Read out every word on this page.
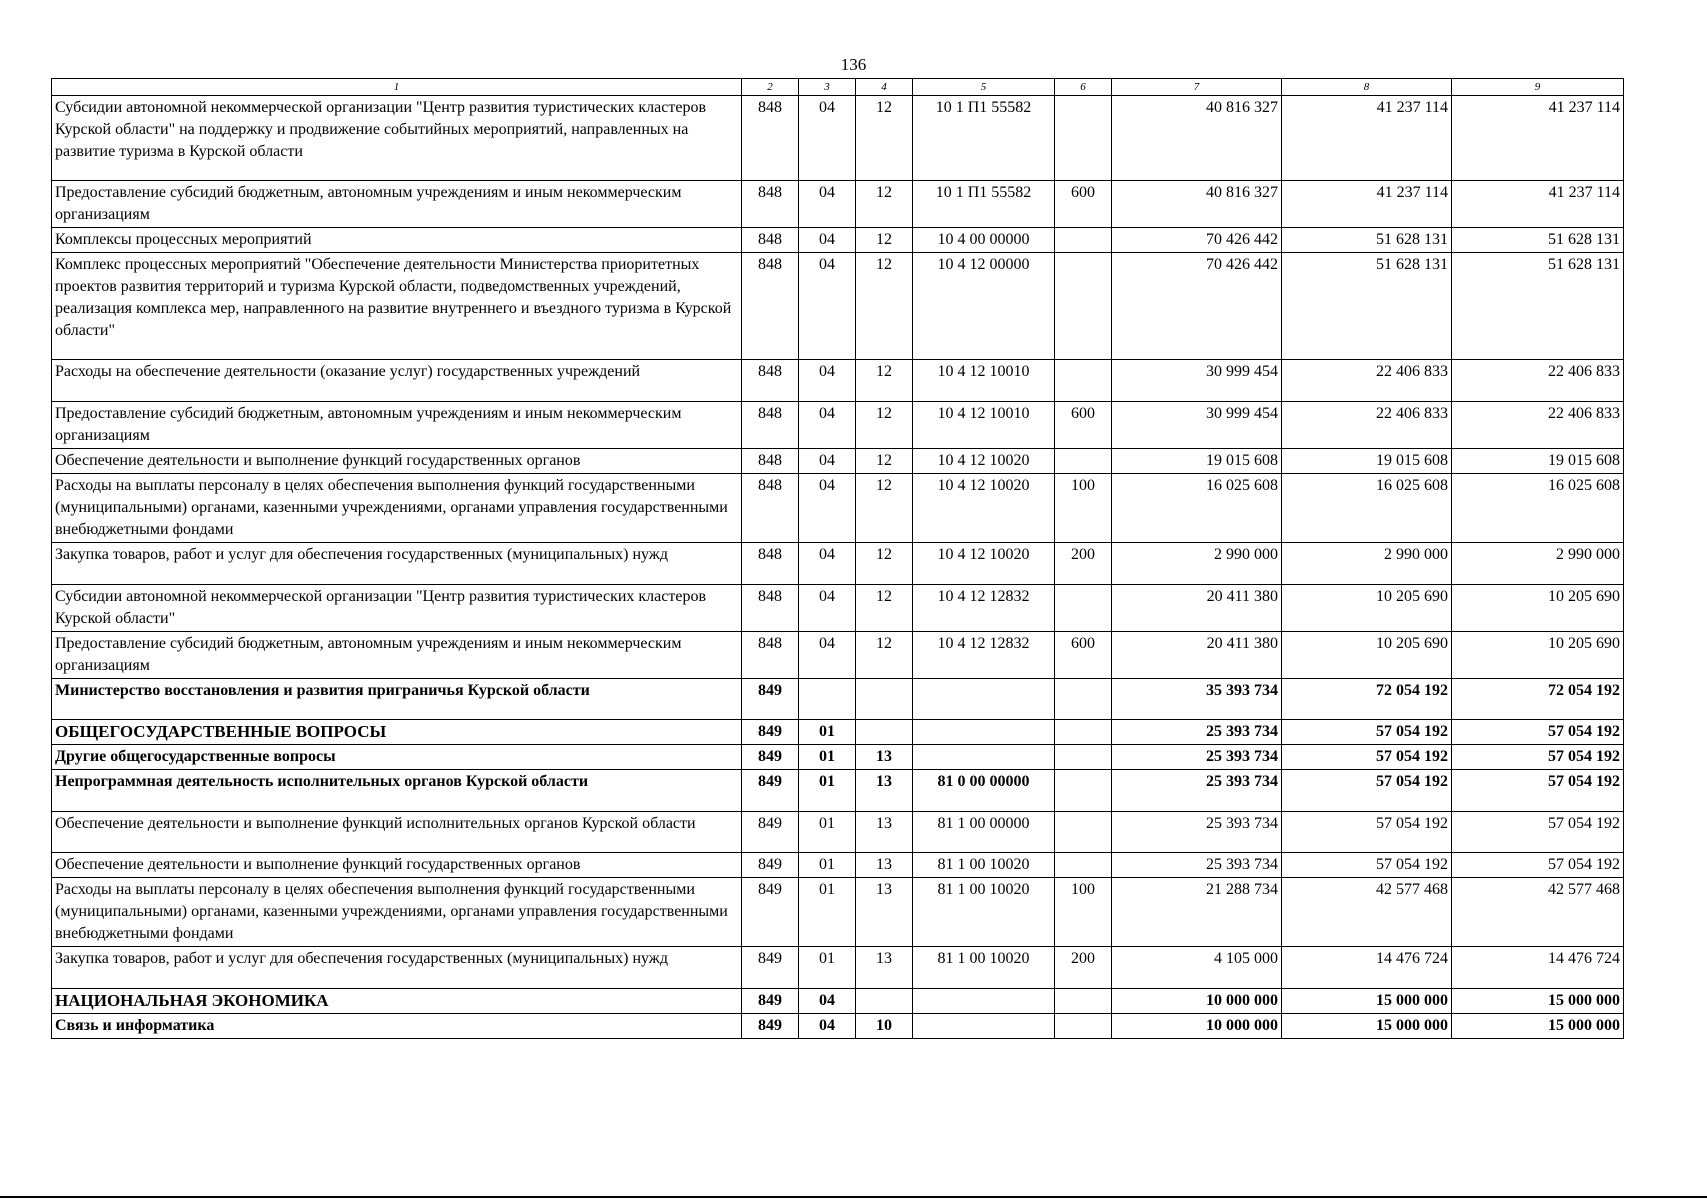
136
1	2	3	4	5	6	7	8	9
Субсидии автономной некоммерческой организации "Центр развития туристических кластеров Курской области" на поддержку и продвижение событийных мероприятий, направленных на развитие туризма в Курской области	848	04	12	10 1 П1 55582		40 816 327	41 237 114	41 237 114
Предоставление субсидий бюджетным, автономным учреждениям и иным некоммерческим организациям	848	04	12	10 1 П1 55582	600	40 816 327	41 237 114	41 237 114
Комплексы процессных мероприятий	848	04	12	10 4 00 00000		70 426 442	51 628 131	51 628 131
Комплекс процессных мероприятий "Обеспечение деятельности Министерства приоритетных проектов развития территорий и туризма Курской области, подведомственных учреждений, реализация комплекса мер, направленного на развитие внутреннего и въездного туризма в Курской области"	848	04	12	10 4 12 00000		70 426 442	51 628 131	51 628 131
Расходы на обеспечение деятельности (оказание услуг) государственных учреждений	848	04	12	10 4 12 10010		30 999 454	22 406 833	22 406 833
Предоставление субсидий бюджетным, автономным учреждениям и иным некоммерческим организациям	848	04	12	10 4 12 10010	600	30 999 454	22 406 833	22 406 833
Обеспечение деятельности и выполнение функций государственных органов	848	04	12	10 4 12 10020		19 015 608	19 015 608	19 015 608
Расходы на выплаты персоналу в целях обеспечения выполнения функций государственными (муниципальными) органами, казенными учреждениями, органами управления государственными внебюджетными фондами	848	04	12	10 4 12 10020	100	16 025 608	16 025 608	16 025 608
Закупка товаров, работ и услуг для обеспечения государственных (муниципальных) нужд	848	04	12	10 4 12 10020	200	2 990 000	2 990 000	2 990 000
Субсидии автономной некоммерческой организации "Центр развития туристических кластеров Курской области"	848	04	12	10 4 12 12832		20 411 380	10 205 690	10 205 690
Предоставление субсидий бюджетным, автономным учреждениям и иным некоммерческим организациям	848	04	12	10 4 12 12832	600	20 411 380	10 205 690	10 205 690
Министерство восстановления и развития приграничья Курской области	849					35 393 734	72 054 192	72 054 192
ОБЩЕГОСУДАРСТВЕННЫЕ ВОПРОСЫ	849	01				25 393 734	57 054 192	57 054 192
Другие общегосударственные вопросы	849	01	13			25 393 734	57 054 192	57 054 192
Непрограммная деятельность исполнительных органов Курской области	849	01	13	81 0 00 00000		25 393 734	57 054 192	57 054 192
Обеспечение деятельности и выполнение функций исполнительных органов Курской области	849	01	13	81 1 00 00000		25 393 734	57 054 192	57 054 192
Обеспечение деятельности и выполнение функций государственных органов	849	01	13	81 1 00 10020		25 393 734	57 054 192	57 054 192
Расходы на выплаты персоналу в целях обеспечения выполнения функций государственными (муниципальными) органами, казенными учреждениями, органами управления государственными внебюджетными фондами	849	01	13	81 1 00 10020	100	21 288 734	42 577 468	42 577 468
Закупка товаров, работ и услуг для обеспечения государственных (муниципальных) нужд	849	01	13	81 1 00 10020	200	4 105 000	14 476 724	14 476 724
НАЦИОНАЛЬНАЯ ЭКОНОМИКА	849	04				10 000 000	15 000 000	15 000 000
Связь и информатика	849	04	10			10 000 000	15 000 000	15 000 000
